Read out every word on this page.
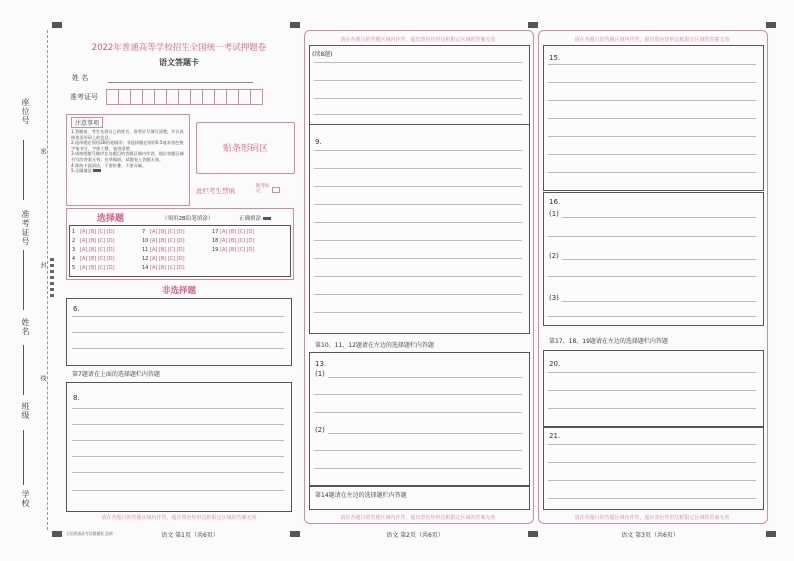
座位号
准考证号
姓名
班级
学校
密
封
线
2022年普通高等学校招生全国统一考试押题卷
语文答题卡
姓 名
准考证号
注意事项
1.答题前，考生先将自己的姓名、准考证号填写清楚，并认真核准条形码上的信息。
2.选择题必须用2B铅笔填涂；非选择题必须用0.5毫米黑色签字笔书写，字体工整、笔迹清楚。
3.请按照题号顺序在各题目的答题区域内作答，超出答题区域书写的答案无效；在草稿纸、试题卷上答题无效。
4.保持卡面清洁，不要折叠、不要弄破。
5.正确填涂
贴条形码区
此栏考生禁填
缺考标记
选择题	（须用2B铅笔填涂）	正确填涂
1 [A] [B] [C] [D]	7 [A] [B] [C] [D]	17 [A] [B] [C] [D]
2 [A] [B] [C] [D]	10 [A] [B] [C] [D]	18 [A] [B] [C] [D]
3 [A] [B] [C] [D]	11 [A] [B] [C] [D]	19 [A] [B] [C] [D]
4 [A] [B] [C] [D]	12 [A] [B] [C] [D]
5 [A] [B] [C] [D]	14 [A] [B] [C] [D]
非选择题
6.
第7题请在上面的选择题栏内答题
8.
请在各题目的答题区域内作答，超出黑色矩形边框限定区域的答案无效
全国普通高考试题模板 监制	语文 第1页（共6页）
请在各题目的答题区域内作答，超出黑色矩形边框限定区域的答案无效
(续8题)
9.
第10、11、12题请在左边的选择题栏内答题
13.
(1)
(2)
第14题请在左边的选择题栏内答题
请在各题目的答题区域内作答，超出黑色矩形边框限定区域的答案无效
语文 第2页（共6页）
请在各题目的答题区域内作答，超出黑色矩形边框限定区域的答案无效
15.
16.
(1)
(2)
(3)
第17、18、19题请在左边的选择题栏内答题
20.
21.
请在各题目的答题区域内作答，超出黑色矩形边框限定区域的答案无效
语文 第3页（共6页）
